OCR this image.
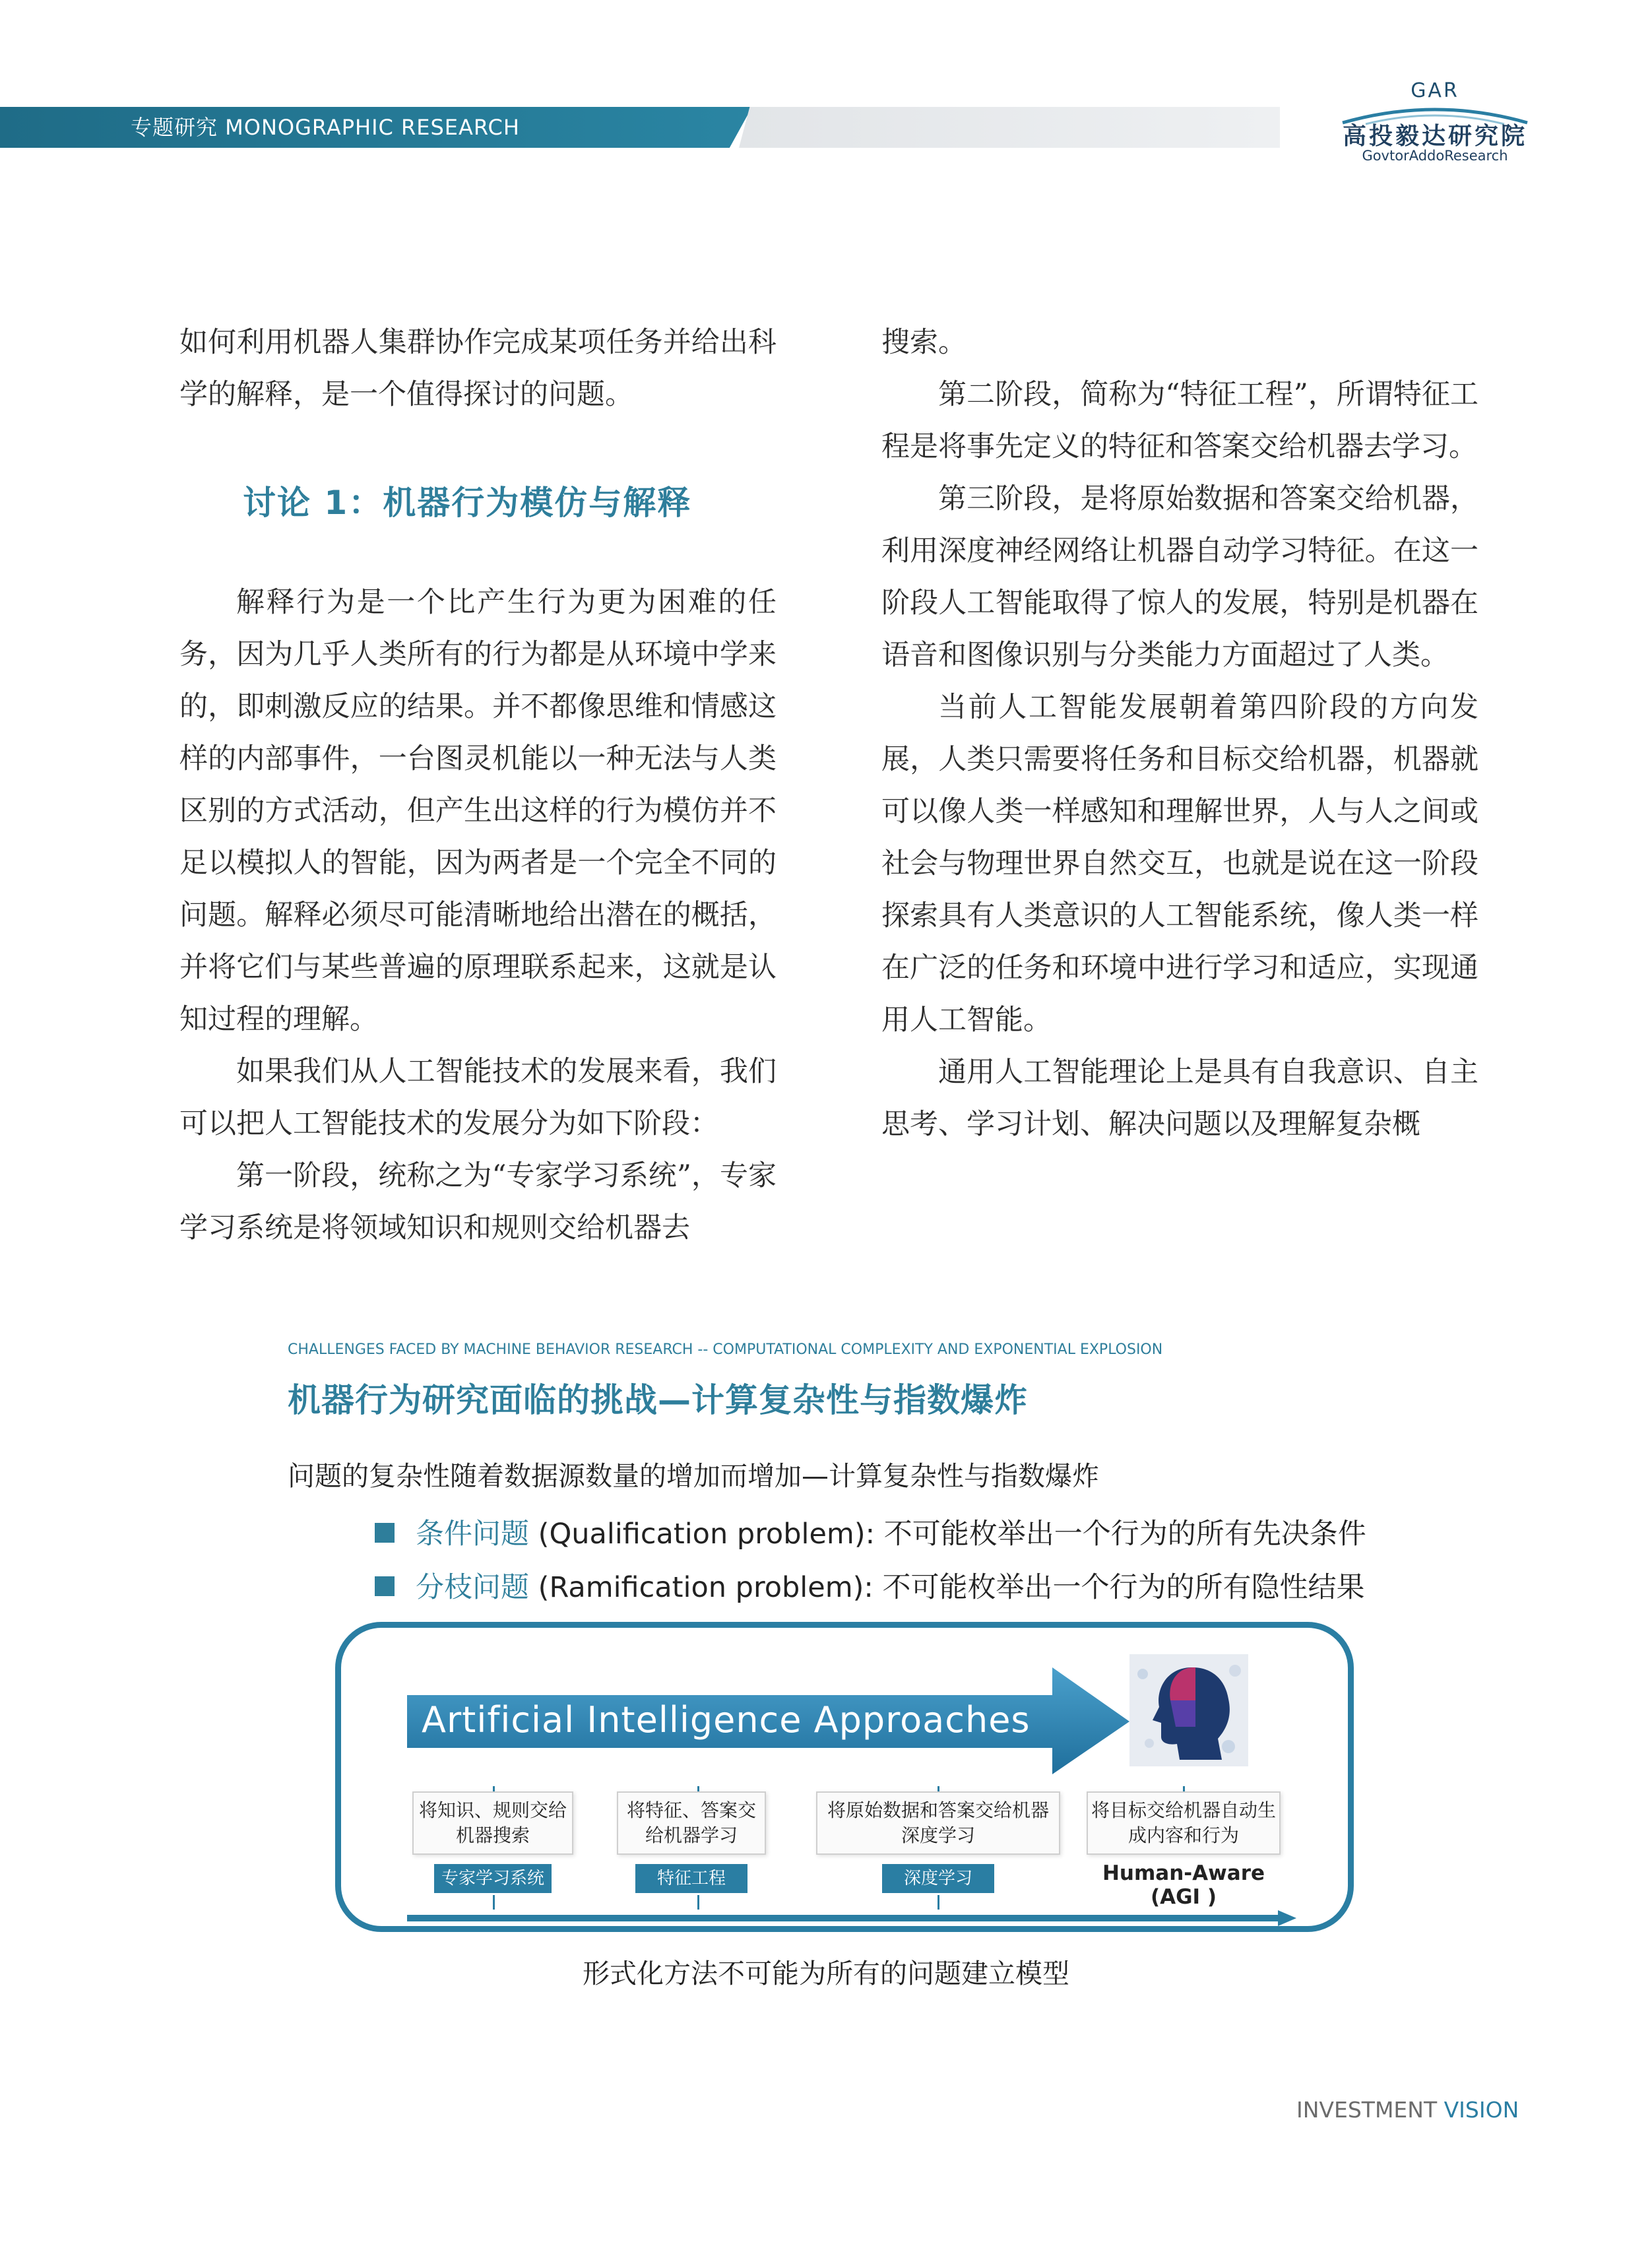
专题研究 MONOGRAPHIC RESEARCH
GAR
高投毅达研究院
GovtorAddoResearch

如何利用机器人集群协作完成某项任务并给出科学的解释，是一个值得探讨的问题。

解释行为是一个比产生行为更为困难的任务，因为几乎人类所有的行为都是从环境中学来的，即刺激反应的结果。并不都像思维和情感这样的内部事件，一台图灵机能以一种无法与人类区别的方式活动，但产生出这样的行为模仿并不足以模拟人的智能，因为两者是一个完全不同的问题。解释必须尽可能清晰地给出潜在的概括，并将它们与某些普遍的原理联系起来，这就是认知过程的理解。

如果我们从人工智能技术的发展来看，我们可以把人工智能技术的发展分为如下阶段：

第一阶段，统称之为“专家学习系统”，专家学习系统是将领域知识和规则交给机器去

讨论 1：机器行为模仿与解释

搜索。

第二阶段，简称为“特征工程”，所谓特征工程是将事先定义的特征和答案交给机器去学习。

第三阶段，是将原始数据和答案交给机器，利用深度神经网络让机器自动学习特征。在这一阶段人工智能取得了惊人的发展，特别是机器在语音和图像识别与分类能力方面超过了人类。

当前人工智能发展朝着第四阶段的方向发展，人类只需要将任务和目标交给机器，机器就可以像人类一样感知和理解世界，人与人之间或社会与物理世界自然交互，也就是说在这一阶段探索具有人类意识的人工智能系统，像人类一样在广泛的任务和环境中进行学习和适应，实现通用人工智能。

通用人工智能理论上是具有自我意识、自主思考、学习计划、解决问题以及理解复杂概

CHALLENGES FACED BY MACHINE BEHAVIOR RESEARCH -- COMPUTATIONAL COMPLEXITY AND EXPONENTIAL EXPLOSION
机器行为研究面临的挑战—计算复杂性与指数爆炸
问题的复杂性随着数据源数量的增加而增加—计算复杂性与指数爆炸
条件问题 (Qualification problem): 不可能枚举出一个行为的所有先决条件
分枝问题 (Ramification problem): 不可能枚举出一个行为的所有隐性结果
Artificial Intelligence Approaches
将知识、规则交给机器搜索
专家学习系统
将特征、答案交给机器学习
特征工程
将原始数据和答案交给机器深度学习
深度学习
将目标交给机器自动生成内容和行为
Human-Aware (AGI )
形式化方法不可能为所有的问题建立模型
INVESTMENT VISION
